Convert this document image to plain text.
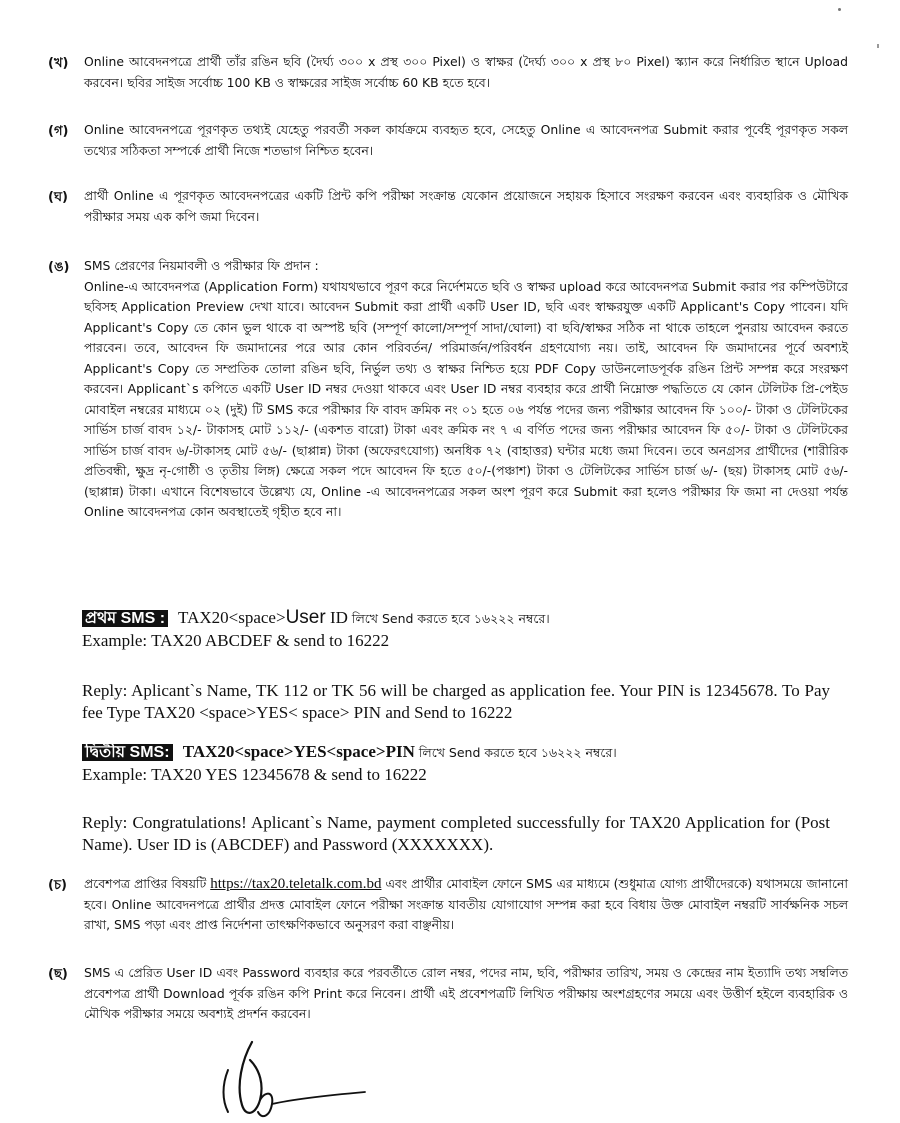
(খ)	Online আবেদনপত্রে প্রার্থী তাঁর রঙিন ছবি (দৈর্ঘ্য ৩০০ x প্রস্থ ৩০০ Pixel) ও স্বাক্ষর (দৈর্ঘ্য ৩০০ x প্রস্থ ৮০ Pixel) স্ক্যান করে নির্ধারিত স্থানে Upload করবেন। ছবির সাইজ সর্বোচ্চ 100 KB ও স্বাক্ষরের সাইজ সর্বোচ্চ 60 KB হতে হবে।
(গ)	Online আবেদনপত্রে পূরণকৃত তথ্যই যেহেতু পরবর্তী সকল কার্যক্রমে ব্যবহৃত হবে, সেহেতু Online এ আবেদনপত্র Submit করার পূর্বেই পূরণকৃত সকল তথ্যের সঠিকতা সম্পর্কে প্রার্থী নিজে শতভাগ নিশ্চিত হবেন।
(ঘ)	প্রার্থী Online এ পূরণকৃত আবেদনপত্রের একটি প্রিন্ট কপি পরীক্ষা সংক্রান্ত যেকোন প্রয়োজনে সহায়ক হিসাবে সংরক্ষণ করবেন এবং ব্যবহারিক ও মৌখিক পরীক্ষার সময় এক কপি জমা দিবেন।
(ঙ)	SMS প্রেরণের নিয়মাবলী ও পরীক্ষার ফি প্রদান :
Online-এ আবেদনপত্র (Application Form) যথাযথভাবে পূরণ করে নির্দেশমতে ছবি ও স্বাক্ষর upload করে আবেদনপত্র Submit করার পর কম্পিউটারে ছবিসহ Application Preview দেখা যাবে। আবেদন Submit করা প্রার্থী একটি User ID, ছবি এবং স্বাক্ষরযুক্ত একটি Applicant's Copy পাবেন। যদি Applicant's Copy তে কোন ভুল থাকে বা অস্পষ্ট ছবি (সম্পূর্ণ কালো/সম্পূর্ণ সাদা/ঘোলা) বা ছবি/স্বাক্ষর সঠিক না থাকে তাহলে পুনরায় আবেদন করতে পারবেন। তবে, আবেদন ফি জমাদানের পরে আর কোন পরিবর্তন/ পরিমার্জন/পরিবর্ধন গ্রহণযোগ্য নয়। তাই, আবেদন ফি জমাদানের পূর্বে অবশ্যই Applicant's Copy তে সম্প্রতিক তোলা রঙিন ছবি, নির্ভুল তথ্য ও স্বাক্ষর নিশ্চিত হয়ে PDF Copy ডাউনলোডপূর্বক রঙিন প্রিন্ট সম্পন্ন করে সংরক্ষণ করবেন। Applicant`s কপিতে একটি User ID নম্বর দেওয়া থাকবে এবং User ID নম্বর ব্যবহার করে প্রার্থী নিম্নোক্ত পদ্ধতিতে যে কোন টেলিটক প্রি-পেইড মোবাইল নম্বরের মাধ্যমে ০২ (দুই) টি SMS করে পরীক্ষার ফি বাবদ ক্রমিক নং ০১ হতে ০৬ পর্যন্ত পদের জন্য পরীক্ষার আবেদন ফি ১০০/- টাকা ও টেলিটকের সার্ভিস চার্জ বাবদ ১২/- টাকাসহ মোট ১১২/- (একশত বারো) টাকা এবং ক্রমিক নং ৭ এ বর্ণিত পদের জন্য পরীক্ষার আবেদন ফি ৫০/- টাকা ও টেলিটকের সার্ভিস চার্জ বাবদ ৬/-টাকাসহ মোট ৫৬/- (ছাপ্পান্ন) টাকা (অফেরৎযোগ্য) অনধিক ৭২ (বাহাত্তর) ঘন্টার মধ্যে জমা দিবেন। তবে অনগ্রসর প্রার্থীদের (শারীরিক প্রতিবন্ধী, ক্ষুদ্র নৃ-গোষ্ঠী ও তৃতীয় লিঙ্গ) ক্ষেত্রে সকল পদে আবেদন ফি হতে ৫০/-(পঞ্চাশ) টাকা ও টেলিটকের সার্ভিস চার্জ ৬/- (ছয়) টাকাসহ মোট ৫৬/- (ছাপ্পান্ন) টাকা। এখানে বিশেষভাবে উল্লেখ্য যে, Online -এ আবেদনপত্রের সকল অংশ পূরণ করে Submit করা হলেও পরীক্ষার ফি জমা না দেওয়া পর্যন্ত Online আবেদনপত্র কোন অবস্থাতেই গৃহীত হবে না।
প্রথম SMS : TAX20<space>User ID লিখে Send করতে হবে ১৬২২২ নম্বরে।
Example: TAX20 ABCDEF & send to 16222
Reply: Aplicant`s Name, TK 112 or TK 56 will be charged as application fee. Your PIN is 12345678. To Pay fee Type TAX20 <space>YES< space> PIN and Send to 16222
দ্বিতীয় SMS: TAX20<space>YES<space>PIN লিখে Send করতে হবে ১৬২২২ নম্বরে।
Example: TAX20 YES 12345678 & send to 16222
Reply: Congratulations! Aplicant`s Name, payment completed successfully for TAX20 Application for (Post Name). User ID is (ABCDEF) and Password (XXXXXXX).
(চ)	প্রবেশপত্র প্রাপ্তির বিষয়টি https://tax20.teletalk.com.bd এবং প্রার্থীর মোবাইল ফোনে SMS এর মাধ্যমে (শুধুমাত্র যোগ্য প্রার্থীদেরকে) যথাসময়ে জানানো হবে। Online আবেদনপত্রে প্রার্থীর প্রদত্ত মোবাইল ফোনে পরীক্ষা সংক্রান্ত যাবতীয় যোগাযোগ সম্পন্ন করা হবে বিধায় উক্ত মোবাইল নম্বরটি সার্বক্ষনিক সচল রাখা, SMS পড়া এবং প্রাপ্ত নির্দেশনা তাৎক্ষণিকভাবে অনুসরণ করা বাঞ্ছনীয়।
(ছ)	SMS এ প্রেরিত User ID এবং Password ব্যবহার করে পরবর্তীতে রোল নম্বর, পদের নাম, ছবি, পরীক্ষার তারিখ, সময় ও কেন্দ্রের নাম ইত্যাদি তথ্য সম্বলিত প্রবেশপত্র প্রার্থী Download পূর্বক রঙিন কপি Print করে নিবেন। প্রার্থী এই প্রবেশপত্রটি লিখিত পরীক্ষায় অংশগ্রহণের সময়ে এবং উত্তীর্ণ হইলে ব্যবহারিক ও মৌখিক পরীক্ষার সময়ে অবশ্যই প্রদর্শন করবেন।
